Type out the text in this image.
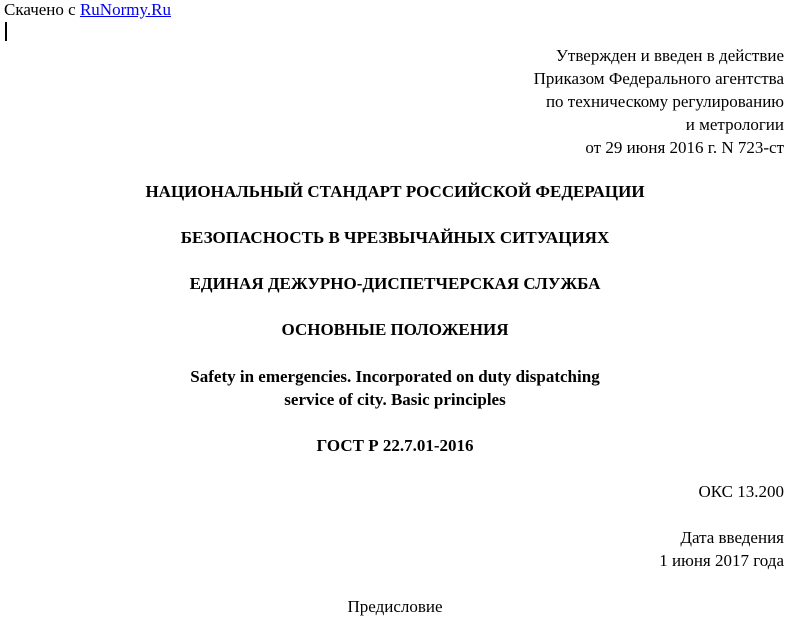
Скачено с RuNormy.Ru
Утвержден и введен в действие
Приказом Федерального агентства
по техническому регулированию
и метрологии
от 29 июня 2016 г. N 723-ст
НАЦИОНАЛЬНЫЙ СТАНДАРТ РОССИЙСКОЙ ФЕДЕРАЦИИ
БЕЗОПАСНОСТЬ В ЧРЕЗВЫЧАЙНЫХ СИТУАЦИЯХ
ЕДИНАЯ ДЕЖУРНО-ДИСПЕТЧЕРСКАЯ СЛУЖБА
ОСНОВНЫЕ ПОЛОЖЕНИЯ
Safety in emergencies. Incorporated on duty dispatching
service of city. Basic principles
ГОСТ Р 22.7.01-2016
ОКС 13.200
Дата введения
1 июня 2017 года
Предисловие
